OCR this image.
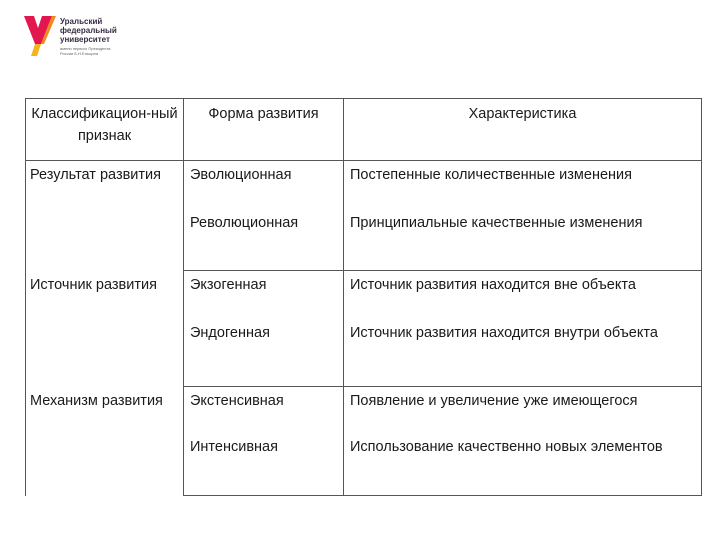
Уральский
федеральный
университет
имени первого Президента
России Б.Н.Ельцина
Классификацион-ный признак	Форма развития	Характеристика

Результат развития	Эволюционная	Постепенные количественные изменения

	Революционная	Принципиальные качественные изменения

Источник развития	Экзогенная	Источник развития находится вне объекта

	Эндогенная	Источник развития находится внутри объекта

Механизм развития	Экстенсивная	Появление и увеличение уже имеющегося

	Интенсивная	Использование качественно новых элементов
